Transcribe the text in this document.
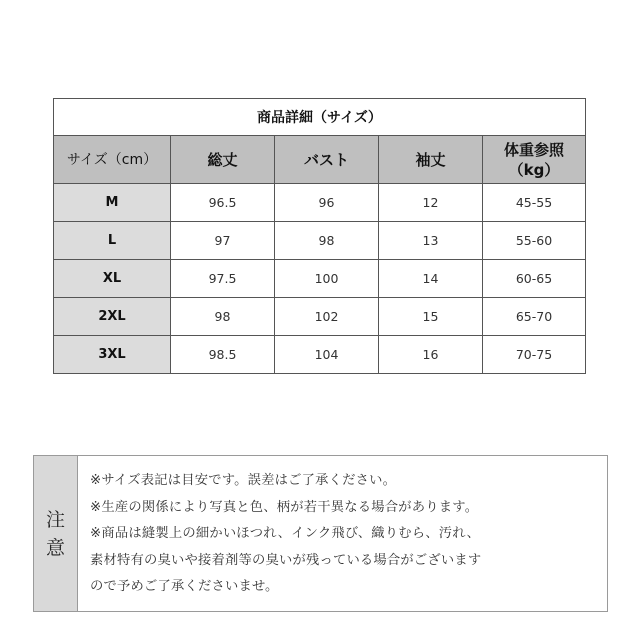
商品詳細（サイズ）				
サイズ（cm）	総丈	バスト	袖丈	体重参照
（kg）

M	96.5	96	12	45-55
L	97	98	13	55-60
XL	97.5	100	14	60-65
2XL	98	102	15	65-70
3XL	98.5	104	16	70-75
注
意
※サイズ表記は目安です。誤差はご了承ください。
※生産の関係により写真と色、柄が若干異なる場合があります。
※商品は縫製上の細かいほつれ、インク飛び、織りむら、汚れ、
素材特有の臭いや接着剤等の臭いが残っている場合がございます
ので予めご了承くださいませ。
